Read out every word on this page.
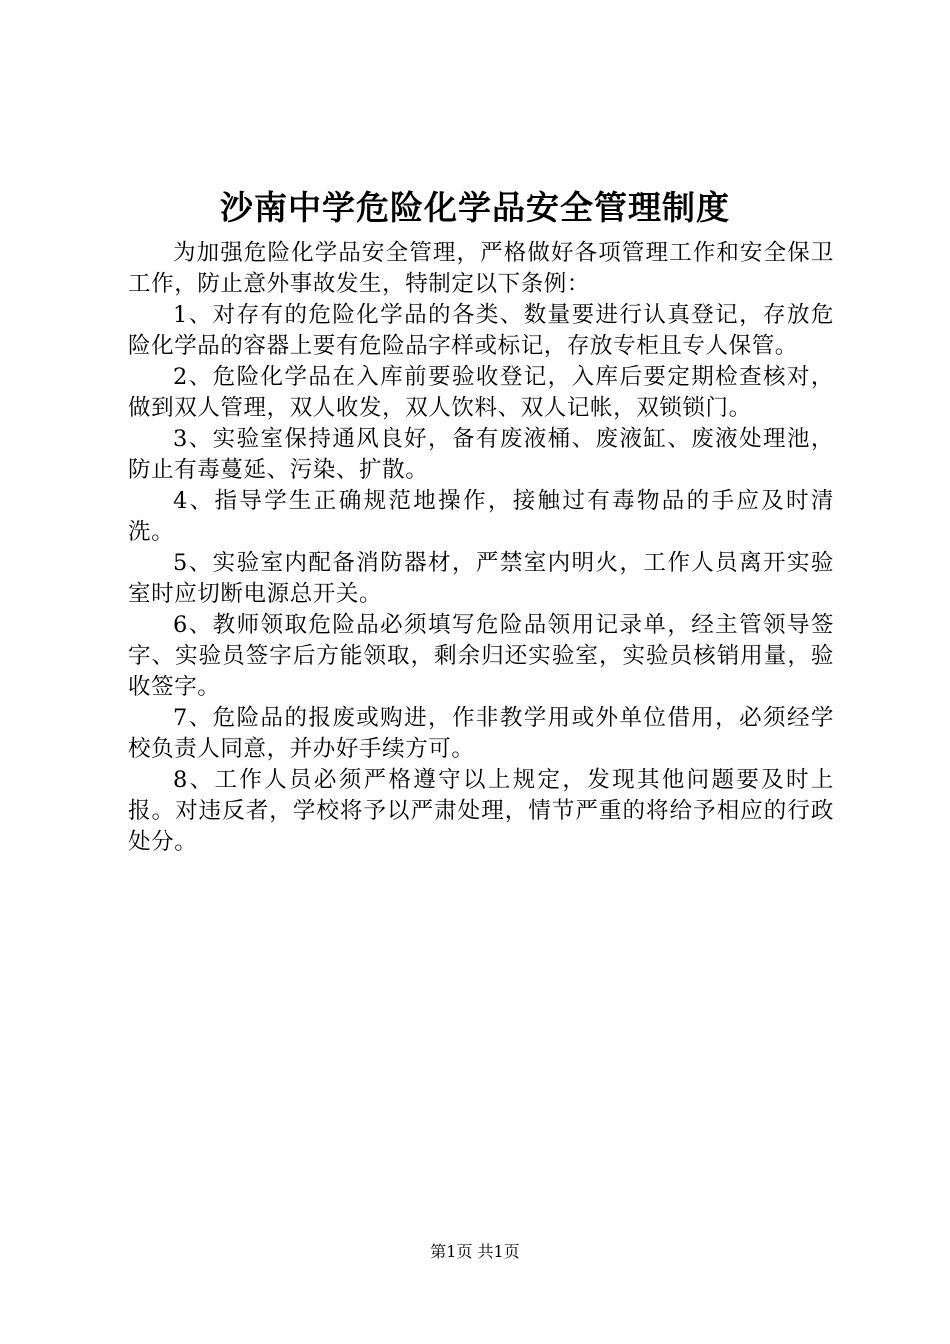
沙南中学危险化学品安全管理制度

为加强危险化学品安全管理，严格做好各项管理工作和安全保卫工作，防止意外事故发生，特制定以下条例：

1、对存有的危险化学品的各类、数量要进行认真登记，存放危险化学品的容器上要有危险品字样或标记，存放专柜且专人保管。

2、危险化学品在入库前要验收登记，入库后要定期检查核对，做到双人管理，双人收发，双人饮料、双人记帐，双锁锁门。

3、实验室保持通风良好，备有废液桶、废液缸、废液处理池，防止有毒蔓延、污染、扩散。

4、指导学生正确规范地操作，接触过有毒物品的手应及时清洗。

5、实验室内配备消防器材，严禁室内明火，工作人员离开实验室时应切断电源总开关。

6、教师领取危险品必须填写危险品领用记录单，经主管领导签字、实验员签字后方能领取，剩余归还实验室，实验员核销用量，验收签字。

7、危险品的报废或购进，作非教学用或外单位借用，必须经学校负责人同意，并办好手续方可。

8、工作人员必须严格遵守以上规定，发现其他问题要及时上报。对违反者，学校将予以严肃处理，情节严重的将给予相应的行政处分。

第1页 共1页
